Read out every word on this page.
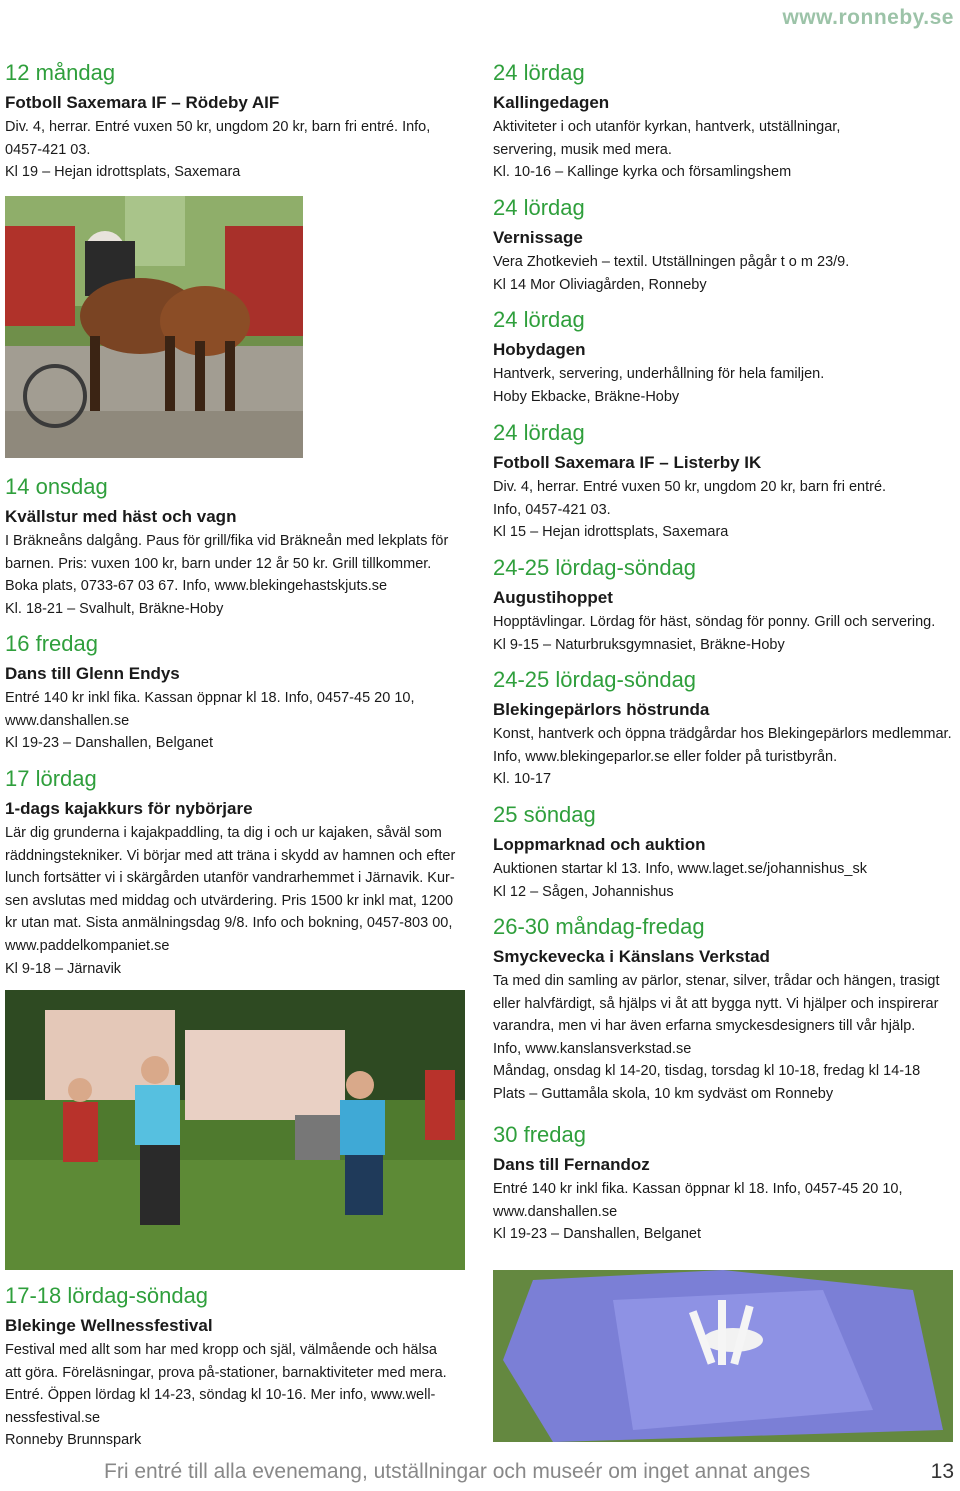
www.ronneby.se
12 måndag
Fotboll Saxemara IF – Rödeby AIF
Div. 4, herrar. Entré vuxen 50 kr, ungdom 20 kr, barn fri entré. Info,
0457-421 03.
Kl 19 – Hejan idrottsplats, Saxemara
14 onsdag
Kvällstur med häst och vagn
I Bräkneåns dalgång. Paus för grill/fika vid Bräkneån med lekplats för
barnen. Pris: vuxen 100 kr, barn under 12 år 50 kr. Grill tillkommer.
Boka plats, 0733-67 03 67. Info, www.blekingehastskjuts.se
Kl. 18-21 – Svalhult, Bräkne-Hoby
16 fredag
Dans till Glenn Endys
Entré 140 kr inkl fika. Kassan öppnar kl 18. Info, 0457-45 20 10,
www.danshallen.se
Kl 19-23 – Danshallen, Belganet
17 lördag
1-dags kajakkurs för nybörjare
Lär dig grunderna i kajakpaddling, ta dig i och ur kajaken, såväl som
räddningstekniker. Vi börjar med att träna i skydd av hamnen och efter
lunch fortsätter vi i skärgården utanför vandrarhemmet i Järnavik. Kur-
sen avslutas med middag och utvärdering. Pris 1500 kr inkl mat, 1200
kr utan mat. Sista anmälningsdag 9/8. Info och bokning, 0457-803 00,
www.paddelkompaniet.se
Kl 9-18 – Järnavik
17-18 lördag-söndag
Blekinge Wellnessfestival
Festival med allt som har med kropp och själ, välmående och hälsa
att göra. Föreläsningar, prova på-stationer, barnaktiviteter med mera.
Entré. Öppen lördag kl 14-23, söndag kl 10-16. Mer info, www.well-
nessfestival.se
Ronneby Brunnspark
24 lördag
Kallingedagen
Aktiviteter i och utanför kyrkan, hantverk, utställningar,
servering, musik med mera.
Kl. 10-16 – Kallinge kyrka och församlingshem
24 lördag
Vernissage
Vera Zhotkevieh – textil. Utställningen pågår t o m 23/9.
Kl 14 Mor Oliviagården, Ronneby
24 lördag
Hobydagen
Hantverk, servering, underhållning för hela familjen.
Hoby Ekbacke, Bräkne-Hoby
24 lördag
Fotboll Saxemara IF – Listerby IK
Div. 4, herrar. Entré vuxen 50 kr, ungdom 20 kr, barn fri entré.
Info, 0457-421 03.
Kl 15 – Hejan idrottsplats, Saxemara
24-25 lördag-söndag
Augustihoppet
Hopptävlingar. Lördag för häst, söndag för ponny. Grill och servering.
Kl 9-15 – Naturbruksgymnasiet, Bräkne-Hoby
24-25 lördag-söndag
Blekingepärlors höstrunda
Konst, hantverk och öppna trädgårdar hos Blekingepärlors medlemmar.
Info, www.blekingeparlor.se eller folder på turistbyrån.
Kl. 10-17
25 söndag
Loppmarknad och auktion
Auktionen startar kl 13. Info, www.laget.se/johannishus_sk
Kl 12 – Sågen, Johannishus
26-30 måndag-fredag
Smyckevecka i Känslans Verkstad
Ta med din samling av pärlor, stenar, silver, trådar och hängen, trasigt
eller halvfärdigt, så hjälps vi åt att bygga nytt. Vi hjälper och inspirerar
varandra, men vi har även erfarna smyckesdesigners till vår hjälp.
Info, www.kanslansverkstad.se
Måndag, onsdag kl 14-20, tisdag, torsdag kl 10-18, fredag kl 14-18
Plats – Guttamåla skola, 10 km sydväst om Ronneby
30 fredag
Dans till Fernandoz
Entré 140 kr inkl fika. Kassan öppnar kl 18. Info, 0457-45 20 10,
www.danshallen.se
Kl 19-23 – Danshallen, Belganet
Fri entré till alla evenemang, utställningar och museér om inget annat anges	13
